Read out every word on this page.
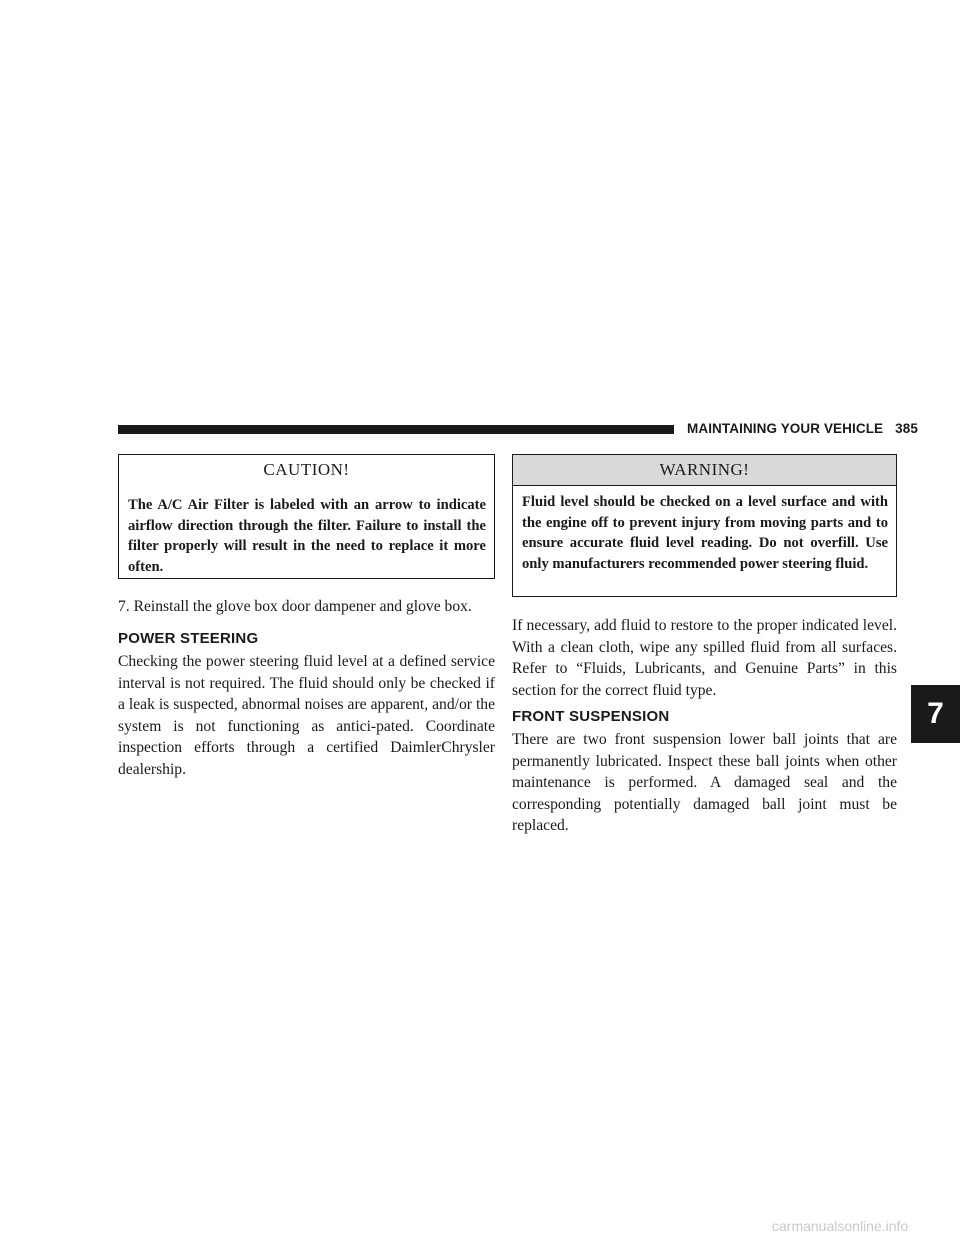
MAINTAINING YOUR VEHICLE 385
CAUTION!
The A/C Air Filter is labeled with an arrow to indicate airflow direction through the filter. Failure to install the filter properly will result in the need to replace it more often.

7. Reinstall the glove box door dampener and glove box.

POWER STEERING

Checking the power steering fluid level at a defined service interval is not required. The fluid should only be checked if a leak is suspected, abnormal noises are apparent, and/or the system is not functioning as antici-pated. Coordinate inspection efforts through a certified DaimlerChrysler dealership.

WARNING!
Fluid level should be checked on a level surface and with the engine off to prevent injury from moving parts and to ensure accurate fluid level reading. Do not overfill. Use only manufacturers recommended power steering fluid.

If necessary, add fluid to restore to the proper indicated level. With a clean cloth, wipe any spilled fluid from all surfaces. Refer to “Fluids, Lubricants, and Genuine Parts” in this section for the correct fluid type.

FRONT SUSPENSION

There are two front suspension lower ball joints that are permanently lubricated. Inspect these ball joints when other maintenance is performed. A damaged seal and the corresponding potentially damaged ball joint must be replaced.

7
carmanualsonline.info
